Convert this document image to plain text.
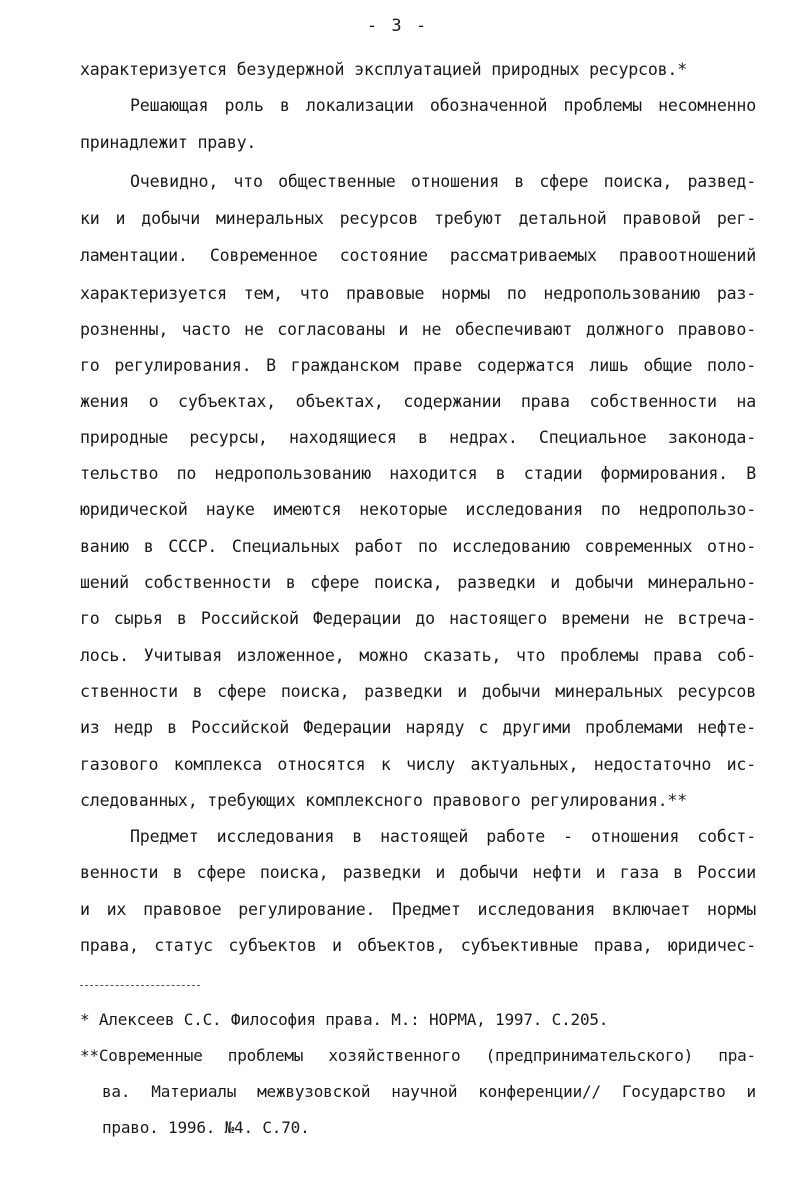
- 3 -
характеризуется безудержной эксплуатацией природных ресурсов.*
Решающая роль в локализации обозначенной проблемы несомненно
принадлежит праву.
Очевидно, что общественные отношения в сфере поиска, развед-
ки и добычи минеральных ресурсов требуют детальной правовой рег-
ламентации. Современное состояние рассматриваемых правоотношений
характеризуется тем, что правовые нормы по недропользованию раз-
розненны, часто не согласованы и не обеспечивают должного правово-
го регулирования. В гражданском праве содержатся лишь общие поло-
жения о субъектах, объектах, содержании права собственности на
природные ресурсы, находящиеся в недрах. Специальное законода-
тельство по недропользованию находится в стадии формирования. В
юридической науке имеются некоторые исследования по недропользо-
ванию в СССР. Специальных работ по исследованию современных отно-
шений собственности в сфере поиска, разведки и добычи минерально-
го сырья в Российской Федерации до настоящего времени не встреча-
лось. Учитывая изложенное, можно сказать, что проблемы права соб-
ственности в сфере поиска, разведки и добычи минеральных ресурсов
из недр в Российской Федерации наряду с другими проблемами нефте-
газового комплекса относятся к числу актуальных, недостаточно ис-
следованных, требующих комплексного правового регулирования.**
Предмет исследования в настоящей работе - отношения собст-
венности в сфере поиска, разведки и добычи нефти и газа в России
и их правовое регулирование. Предмет исследования включает нормы
права, статус субъектов и объектов, субъективные права, юридичес-
* Алексеев С.С. Философия права. М.: НОРМА, 1997. С.205.
**Современные проблемы хозяйственного (предпринимательского) пра-
ва. Материалы межвузовской научной конференции// Государство и
право. 1996. №4. С.70.
